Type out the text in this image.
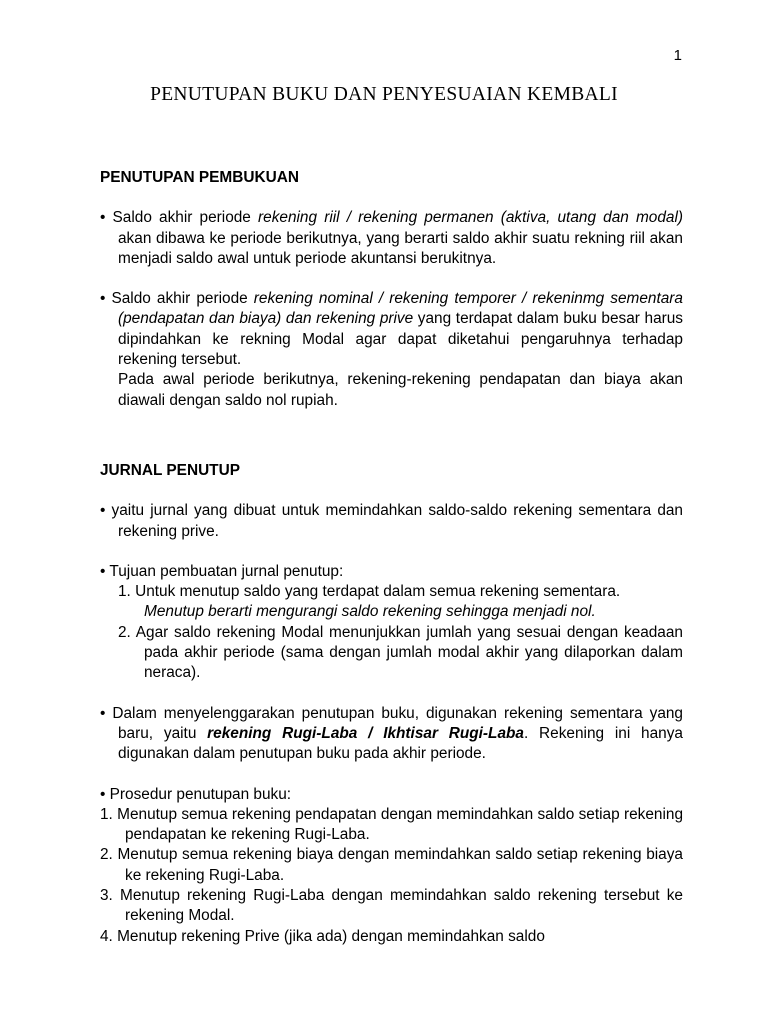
1
PENUTUPAN BUKU DAN PENYESUAIAN KEMBALI

PENUTUPAN PEMBUKUAN

• Saldo akhir periode rekening riil / rekening permanen (aktiva, utang dan modal) akan dibawa ke periode berikutnya, yang berarti saldo akhir suatu rekning riil akan menjadi saldo awal untuk periode akuntansi berukitnya.

• Saldo akhir periode rekening nominal / rekening temporer / rekeninmg sementara (pendapatan dan biaya) dan rekening prive yang terdapat dalam buku besar harus dipindahkan ke rekning Modal agar dapat diketahui pengaruhnya terhadap rekening tersebut.

Pada awal periode berikutnya, rekening-rekening pendapatan dan biaya akan diawali dengan saldo nol rupiah.

JURNAL PENUTUP

• yaitu jurnal yang dibuat untuk memindahkan saldo-saldo rekening sementara dan rekening prive.

• Tujuan pembuatan jurnal penutup:

1. Untuk menutup saldo yang terdapat dalam semua rekening sementara.

Menutup berarti mengurangi saldo rekening sehingga menjadi nol.

2. Agar saldo rekening Modal menunjukkan jumlah yang sesuai dengan keadaan pada akhir periode (sama dengan jumlah modal akhir yang dilaporkan dalam neraca).

• Dalam menyelenggarakan penutupan buku, digunakan rekening sementara yang baru, yaitu rekening Rugi-Laba / Ikhtisar Rugi-Laba. Rekening ini hanya digunakan dalam penutupan buku pada akhir periode.

• Prosedur penutupan buku:

1. Menutup semua rekening pendapatan dengan memindahkan saldo setiap rekening pendapatan ke rekening Rugi-Laba.

2. Menutup semua rekening biaya dengan memindahkan saldo setiap rekening biaya ke rekening Rugi-Laba.

3. Menutup rekening Rugi-Laba dengan memindahkan saldo rekening tersebut ke rekening Modal.

4. Menutup rekening Prive (jika ada) dengan memindahkan saldo
